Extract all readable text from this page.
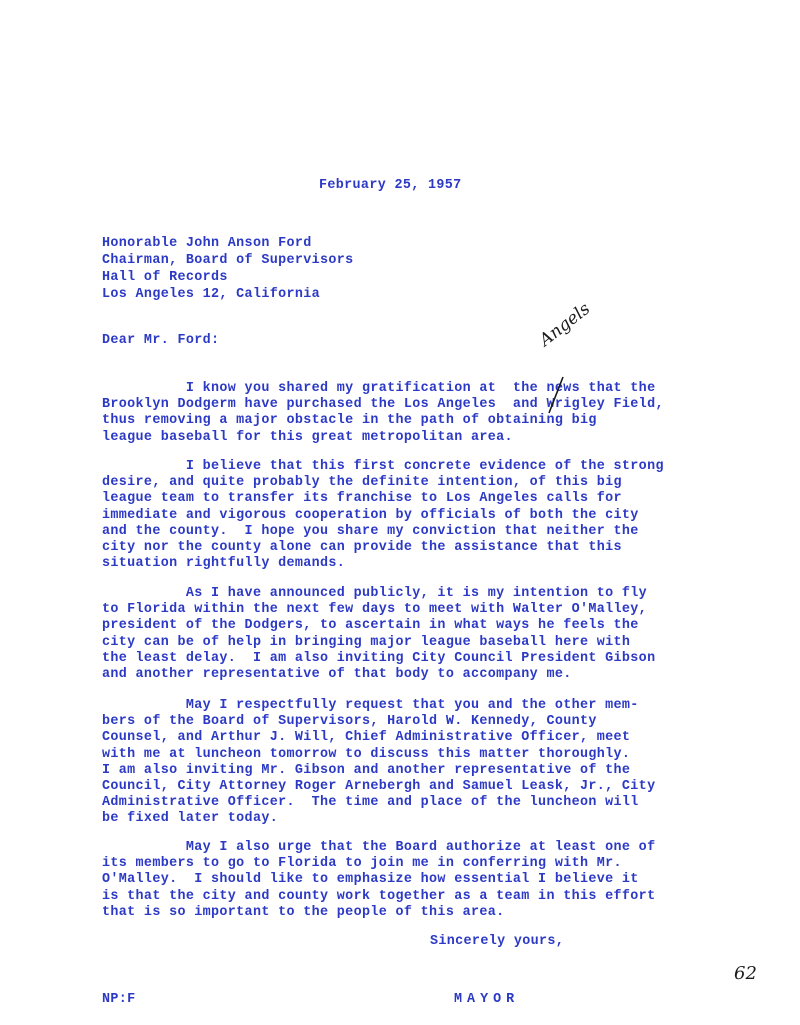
February 25, 1957
Honorable John Anson Ford
Chairman, Board of Supervisors
Hall of Records
Los Angeles 12, California
Dear Mr. Ford:
I know you shared my gratification at  the news that the
Brooklyn Dodgerm have purchased the Los Angeles  and Wrigley Field,
thus removing a major obstacle in the path of obtaining big
league baseball for this great metropolitan area.
I believe that this first concrete evidence of the strong
desire, and quite probably the definite intention, of this big
league team to transfer its franchise to Los Angeles calls for
immediate and vigorous cooperation by officials of both the city
and the county.  I hope you share my conviction that neither the
city nor the county alone can provide the assistance that this
situation rightfully demands.
As I have announced publicly, it is my intention to fly
to Florida within the next few days to meet with Walter O'Malley,
president of the Dodgers, to ascertain in what ways he feels the
city can be of help in bringing major league baseball here with
the least delay.  I am also inviting City Council President Gibson
and another representative of that body to accompany me.
May I respectfully request that you and the other mem-
bers of the Board of Supervisors, Harold W. Kennedy, County
Counsel, and Arthur J. Will, Chief Administrative Officer, meet
with me at luncheon tomorrow to discuss this matter thoroughly.
I am also inviting Mr. Gibson and another representative of the
Council, City Attorney Roger Arnebergh and Samuel Leask, Jr., City
Administrative Officer.  The time and place of the luncheon will
be fixed later today.
May I also urge that the Board authorize at least one of
its members to go to Florida to join me in conferring with Mr.
O'Malley.  I should like to emphasize how essential I believe it
is that the city and county work together as a team in this effort
that is so important to the people of this area.
Sincerely yours,
NP:F	MAYOR
Angels
62
